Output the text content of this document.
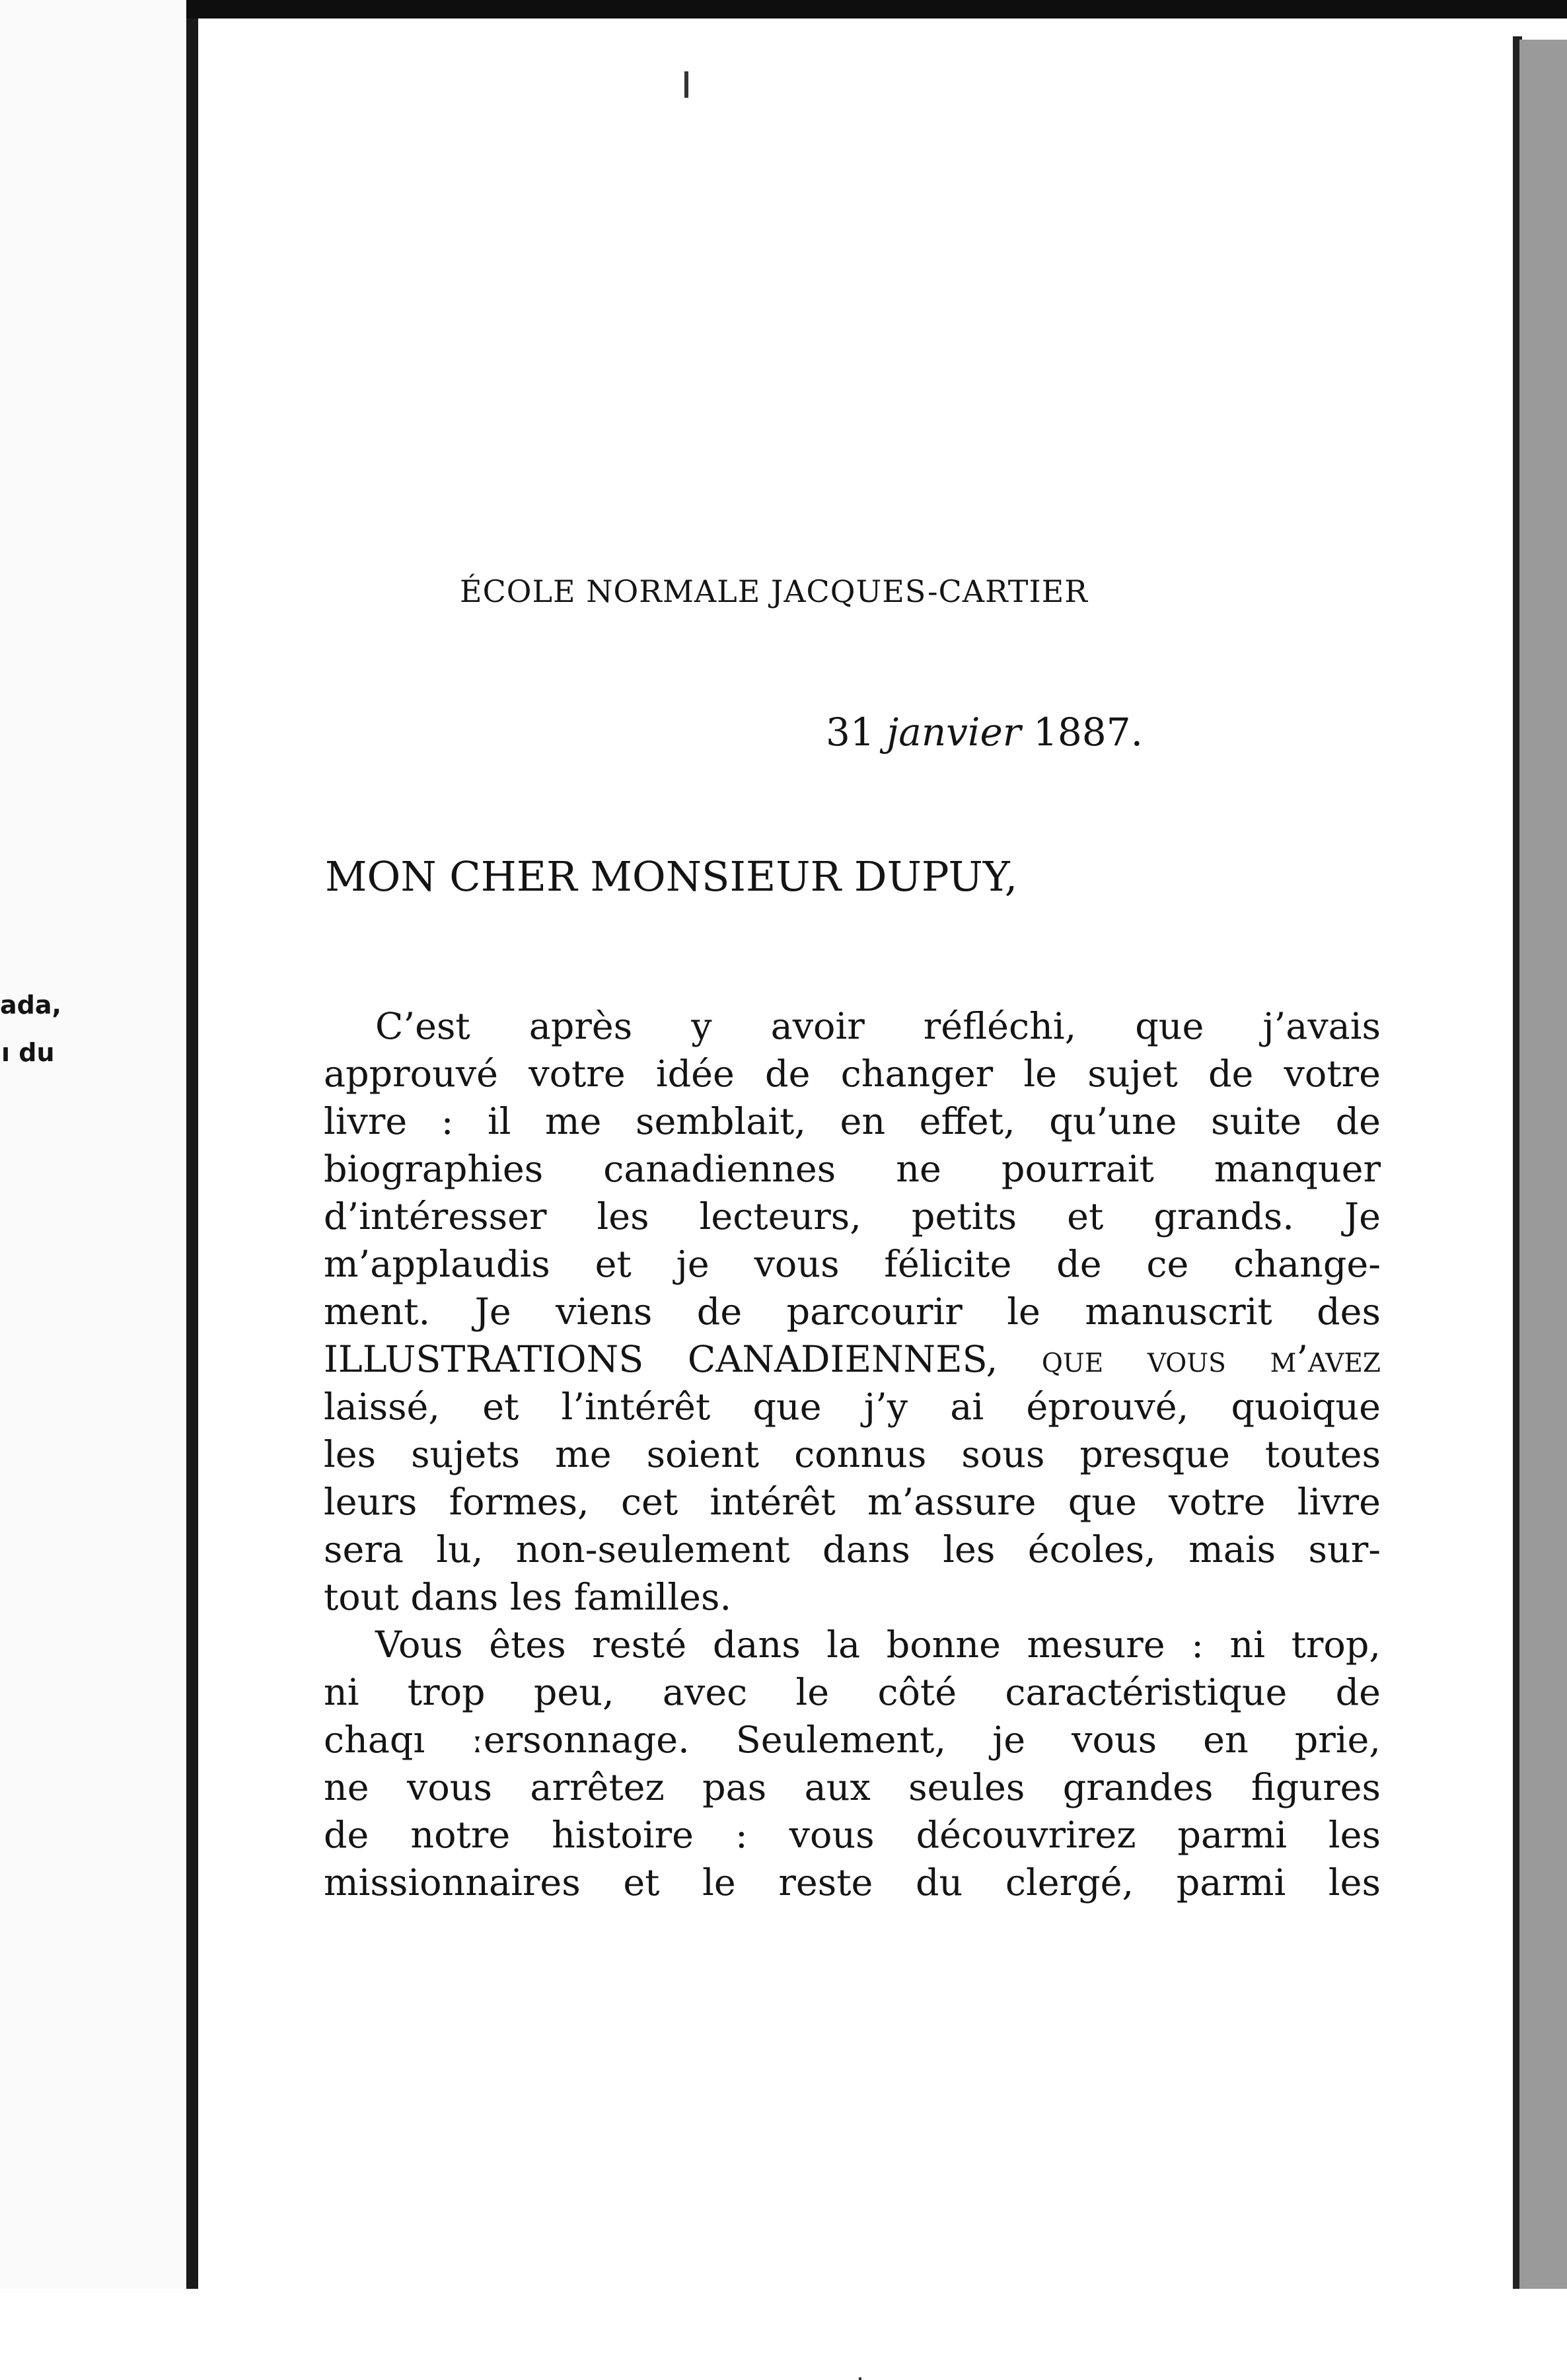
ada,
ı du
ÉCOLE NORMALE JACQUES-CARTIER
31 janvier 1887.
MON CHER MONSIEUR DUPUY,
C’est après y avoir réfléchi, que j’avais
approuvé votre idée de changer le sujet de votre
livre : il me semblait, en effet, qu’une suite de
biographies canadiennes ne pourrait manquer
d’intéresser les lecteurs, petits et grands. Je
m’applaudis et je vous félicite de ce change-
ment. Je viens de parcourir le manuscrit des
ILLUSTRATIONS CANADIENNES, que vous m’avez
laissé, et l’intérêt que j’y ai éprouvé, quoique
les sujets me soient connus sous presque toutes
leurs formes, cet intérêt m’assure que votre livre
sera lu, non-seulement dans les écoles, mais sur-
tout dans les familles.
Vous êtes resté dans la bonne mesure : ni trop,
ni trop peu, avec le côté caractéristique de
chaqı ːersonnage. Seulement, je vous en prie,
ne vous arrêtez pas aux seules grandes figures
de notre histoire : vous découvrirez parmi les
missionnaires et le reste du clergé, parmi les
